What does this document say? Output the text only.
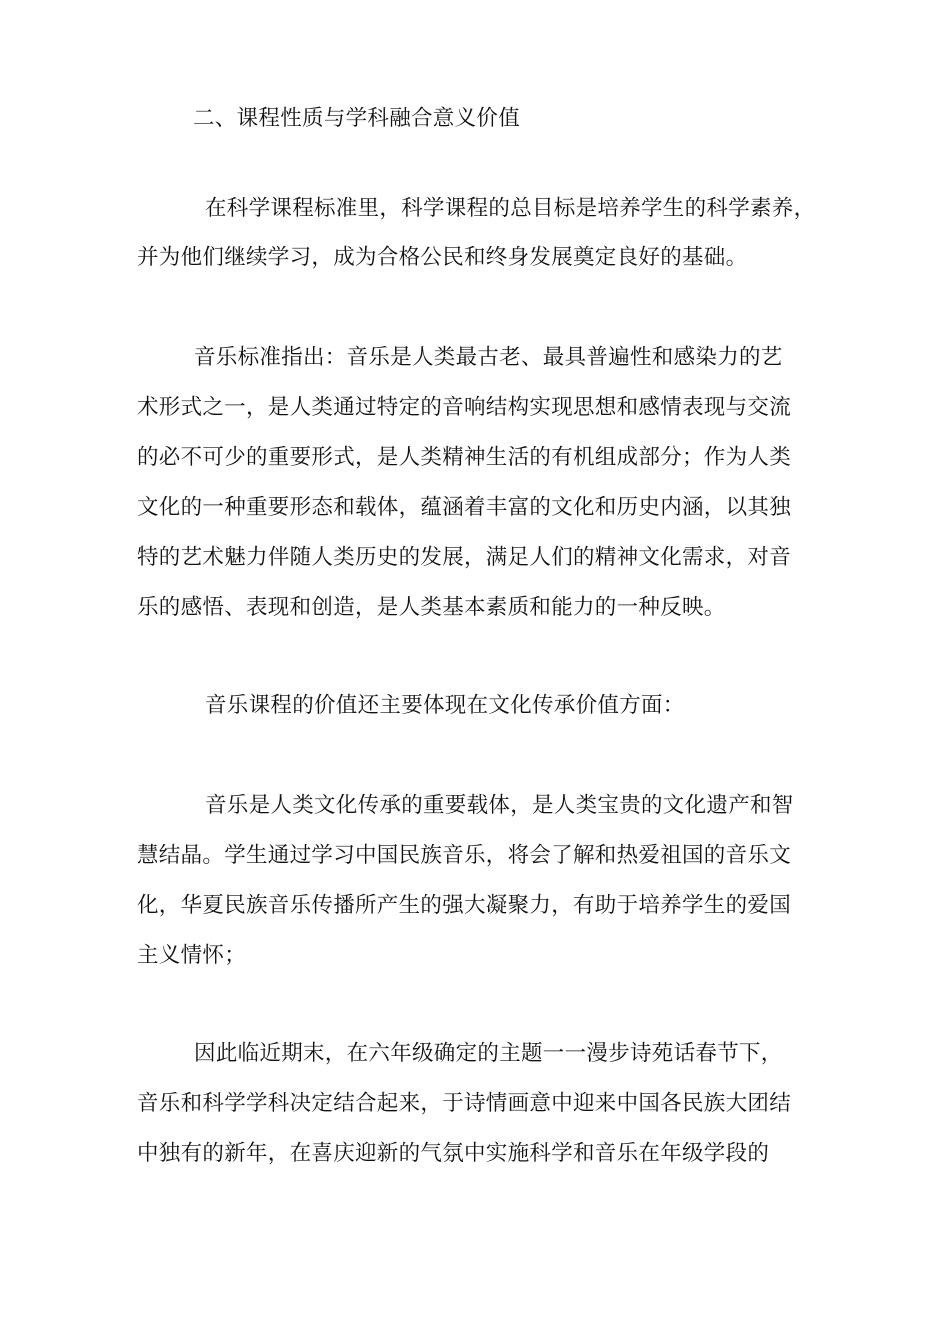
二、课程性质与学科融合意义价值
在科学课程标准里，科学课程的总目标是培养学生的科学素养，
并为他们继续学习，成为合格公民和终身发展奠定良好的基础。
音乐标准指出：音乐是人类最古老、最具普遍性和感染力的艺
术形式之一，是人类通过特定的音响结构实现思想和感情表现与交流
的必不可少的重要形式，是人类精神生活的有机组成部分；作为人类
文化的一种重要形态和载体，蕴涵着丰富的文化和历史内涵，以其独
特的艺术魅力伴随人类历史的发展，满足人们的精神文化需求，对音
乐的感悟、表现和创造，是人类基本素质和能力的一种反映。
音乐课程的价值还主要体现在文化传承价值方面：
音乐是人类文化传承的重要载体，是人类宝贵的文化遗产和智
慧结晶。学生通过学习中国民族音乐，将会了解和热爱祖国的音乐文
化，华夏民族音乐传播所产生的强大凝聚力，有助于培养学生的爱国
主义情怀；
因此临近期末，在六年级确定的主题一一漫步诗苑话春节下，
音乐和科学学科决定结合起来，于诗情画意中迎来中国各民族大团结
中独有的新年，在喜庆迎新的气氛中实施科学和音乐在年级学段的
